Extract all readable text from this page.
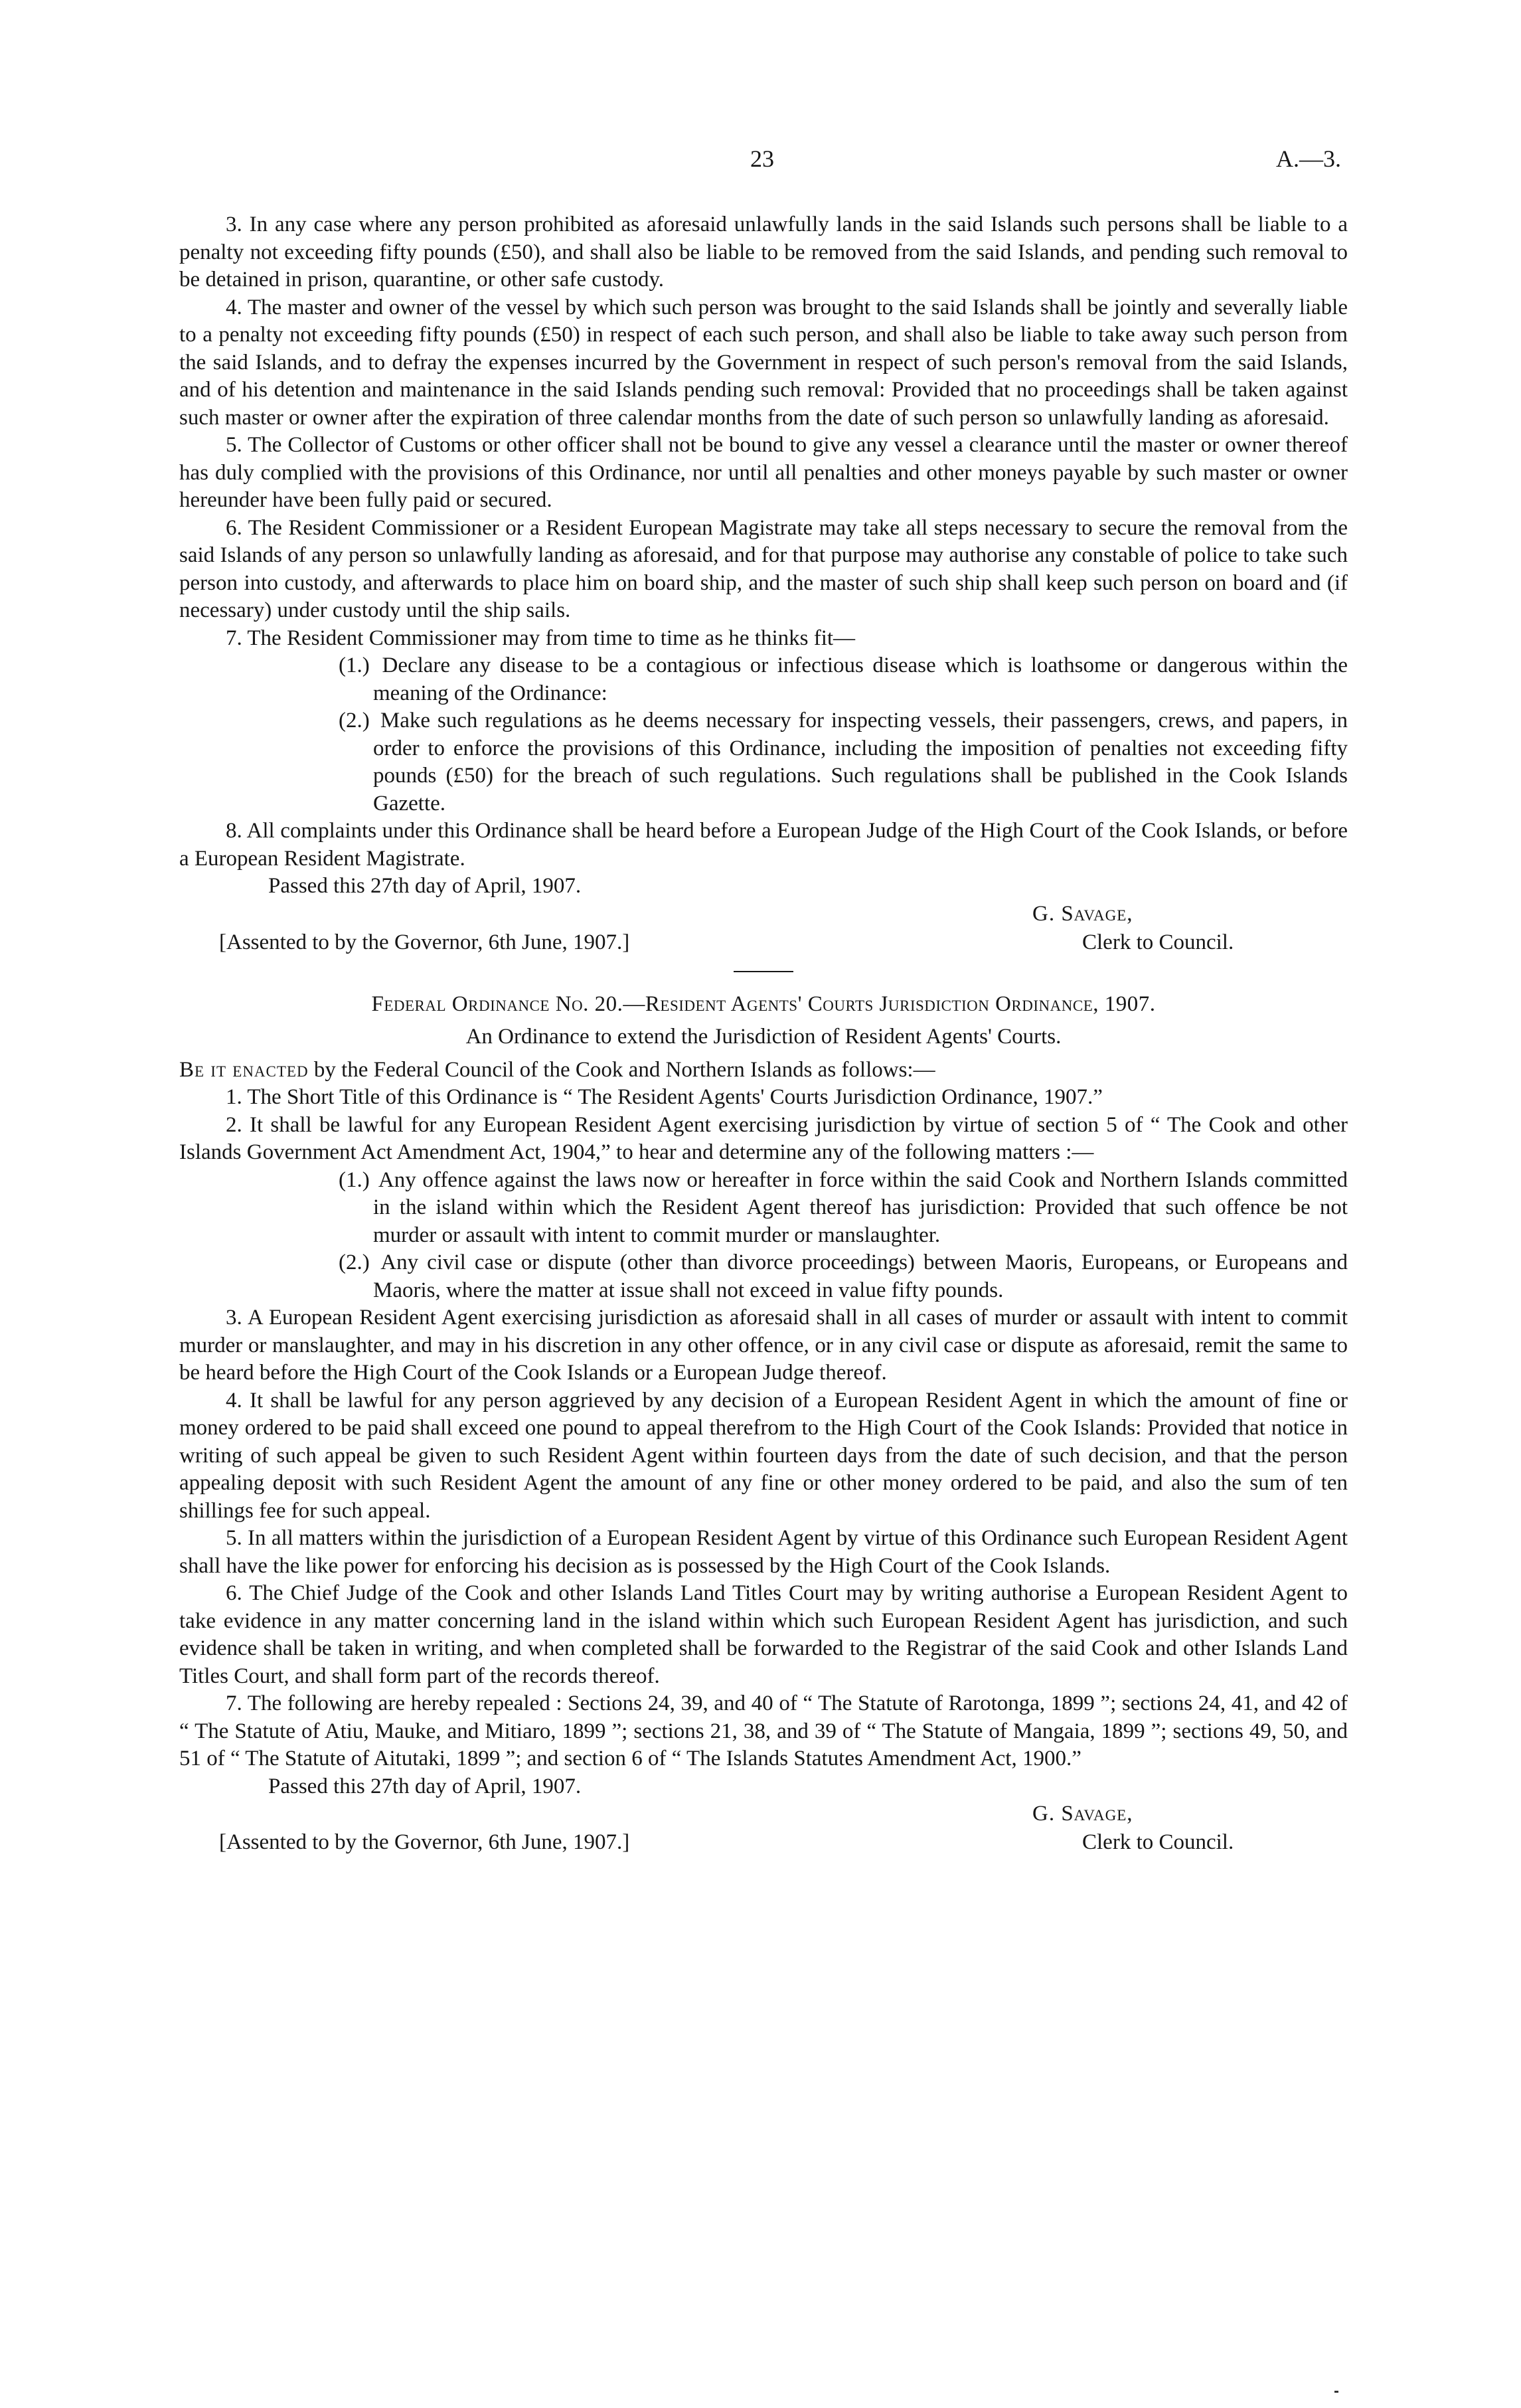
23	A.—3.

3. In any case where any person prohibited as aforesaid unlawfully lands in the said Islands such persons shall be liable to a penalty not exceeding fifty pounds (£50), and shall also be liable to be removed from the said Islands, and pending such removal to be detained in prison, quarantine, or other safe custody.

4. The master and owner of the vessel by which such person was brought to the said Islands shall be jointly and severally liable to a penalty not exceeding fifty pounds (£50) in respect of each such person, and shall also be liable to take away such person from the said Islands, and to defray the expenses incurred by the Government in respect of such person's removal from the said Islands, and of his detention and maintenance in the said Islands pending such removal: Provided that no proceedings shall be taken against such master or owner after the expiration of three calendar months from the date of such person so unlawfully landing as aforesaid.

5. The Collector of Customs or other officer shall not be bound to give any vessel a clearance until the master or owner thereof has duly complied with the provisions of this Ordinance, nor until all penalties and other moneys payable by such master or owner hereunder have been fully paid or secured.

6. The Resident Commissioner or a Resident European Magistrate may take all steps necessary to secure the removal from the said Islands of any person so unlawfully landing as aforesaid, and for that purpose may authorise any constable of police to take such person into custody, and afterwards to place him on board ship, and the master of such ship shall keep such person on board and (if necessary) under custody until the ship sails.

7. The Resident Commissioner may from time to time as he thinks fit—

(1.) Declare any disease to be a contagious or infectious disease which is loathsome or dangerous within the meaning of the Ordinance:

(2.) Make such regulations as he deems necessary for inspecting vessels, their passengers, crews, and papers, in order to enforce the provisions of this Ordinance, including the imposition of penalties not exceeding fifty pounds (£50) for the breach of such regulations. Such regulations shall be published in the Cook Islands Gazette.

8. All complaints under this Ordinance shall be heard before a European Judge of the High Court of the Cook Islands, or before a European Resident Magistrate.

Passed this 27th day of April, 1907.

G. Savage,
[Assented to by the Governor, 6th June, 1907.]	Clerk to Council.

Federal Ordinance No. 20.—Resident Agents' Courts Jurisdiction Ordinance, 1907.

An Ordinance to extend the Jurisdiction of Resident Agents' Courts.

Be it enacted by the Federal Council of the Cook and Northern Islands as follows:—

1. The Short Title of this Ordinance is “ The Resident Agents' Courts Jurisdiction Ordinance, 1907.”

2. It shall be lawful for any European Resident Agent exercising jurisdiction by virtue of section 5 of “ The Cook and other Islands Government Act Amendment Act, 1904,” to hear and determine any of the following matters :—

(1.) Any offence against the laws now or hereafter in force within the said Cook and Northern Islands committed in the island within which the Resident Agent thereof has jurisdiction: Provided that such offence be not murder or assault with intent to commit murder or manslaughter.

(2.) Any civil case or dispute (other than divorce proceedings) between Maoris, Europeans, or Europeans and Maoris, where the matter at issue shall not exceed in value fifty pounds.

3. A European Resident Agent exercising jurisdiction as aforesaid shall in all cases of murder or assault with intent to commit murder or manslaughter, and may in his discretion in any other offence, or in any civil case or dispute as aforesaid, remit the same to be heard before the High Court of the Cook Islands or a European Judge thereof.

4. It shall be lawful for any person aggrieved by any decision of a European Resident Agent in which the amount of fine or money ordered to be paid shall exceed one pound to appeal therefrom to the High Court of the Cook Islands: Provided that notice in writing of such appeal be given to such Resident Agent within fourteen days from the date of such decision, and that the person appealing deposit with such Resident Agent the amount of any fine or other money ordered to be paid, and also the sum of ten shillings fee for such appeal.

5. In all matters within the jurisdiction of a European Resident Agent by virtue of this Ordinance such European Resident Agent shall have the like power for enforcing his decision as is possessed by the High Court of the Cook Islands.

6. The Chief Judge of the Cook and other Islands Land Titles Court may by writing authorise a European Resident Agent to take evidence in any matter concerning land in the island within which such European Resident Agent has jurisdiction, and such evidence shall be taken in writing, and when completed shall be forwarded to the Registrar of the said Cook and other Islands Land Titles Court, and shall form part of the records thereof.

7. The following are hereby repealed : Sections 24, 39, and 40 of “ The Statute of Rarotonga, 1899 ”; sections 24, 41, and 42 of “ The Statute of Atiu, Mauke, and Mitiaro, 1899 ”; sections 21, 38, and 39 of “ The Statute of Mangaia, 1899 ”; sections 49, 50, and 51 of “ The Statute of Aitutaki, 1899 ”; and section 6 of “ The Islands Statutes Amendment Act, 1900.”

Passed this 27th day of April, 1907.

G. Savage,
[Assented to by the Governor, 6th June, 1907.]	Clerk to Council.
